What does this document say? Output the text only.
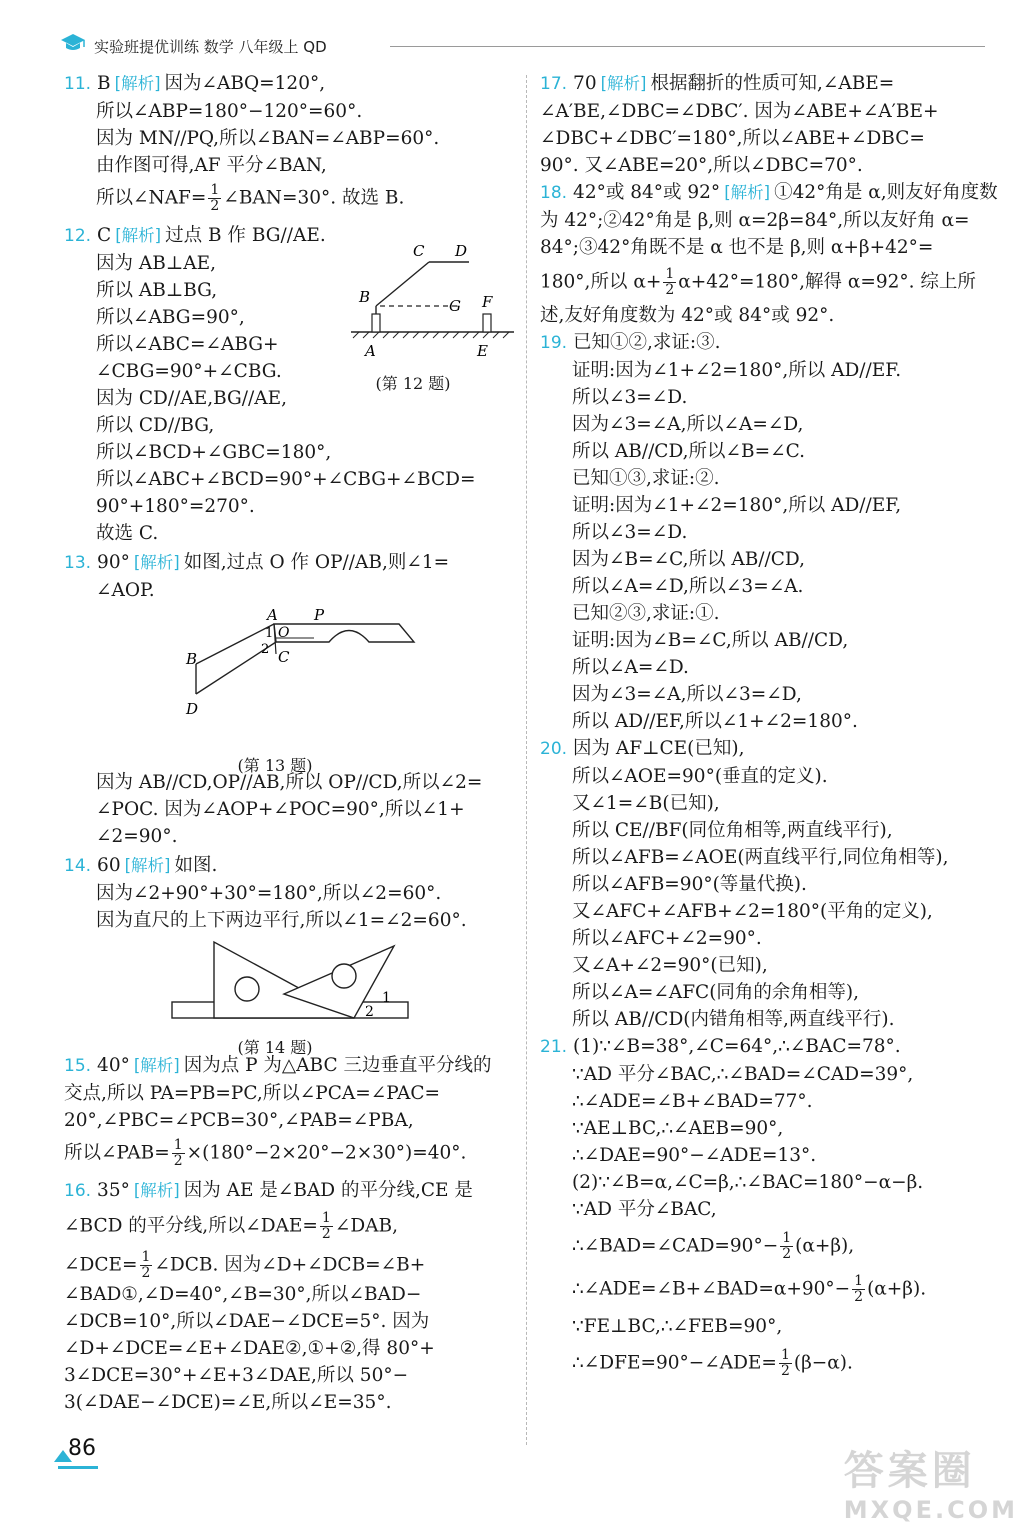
实验班提优训练 数学 八年级上 QD
11. B [解析] 因为∠ABQ=120°,
所以∠ABP=180°−120°=60°.
因为 MN//PQ,所以∠BAN=∠ABP=60°.
由作图可得,AF 平分∠BAN,
所以∠NAF= $\frac{1}{2}$ ∠BAN=30°. 故选 B.
12. C [解析] 过点 B 作 BG//AE.
因为 AB⊥AE,
所以 AB⊥BG,
所以∠ABG=90°,
所以∠ABC=∠ABG+
∠CBG=90°+∠CBG.
因为 CD//AE,BG//AE,
所以 CD//BG,
所以∠BCD+∠GBC=180°,
所以∠ABC+∠BCD=90°+∠CBG+∠BCD=
90°+180°=270°.
故选 C.
C D
B	G F
A	E
(第 12 题)
13. 90° [解析] 如图,过点 O 作 OP//AB,则∠1=
∠AOP.
A P
O
1
2
B	C
D
(第 13 题)
因为 AB//CD,OP//AB,所以 OP//CD,所以∠2=
∠POC. 因为∠AOP+∠POC=90°,所以∠1+
∠2=90°.
14. 60 [解析] 如图.
因为∠2+90°+30°=180°,所以∠2=60°.
因为直尺的上下两边平行,所以∠1=∠2=60°.
1
2
(第 14 题)
15. 40° [解析] 因为点 P 为△ABC 三边垂直平分线的
交点,所以 PA=PB=PC,所以∠PCA=∠PAC=
20°,∠PBC=∠PCB=30°,∠PAB=∠PBA,
所以∠PAB= $\frac{1}{2} \times(180^\circ-2\times 20^\circ-2\times 30^\circ)=40^\circ$.
16. 35° [解析] 因为 AE 是∠BAD 的平分线,CE 是
∠BCD 的平分线,所以∠DAE= $\frac{1}{2}$ ∠DAB,
∠DCE= $\frac{1}{2}$ ∠DCB. 因为∠D+∠DCB=∠B+
∠BAD①,∠D=40°,∠B=30°,所以∠BAD−
∠DCB=10°,所以∠DAE−∠DCE=5°. 因为
∠D+∠DCE=∠E+∠DAE②,①+②,得 80°+
3∠DCE=30°+∠E+3∠DAE,所以 50°−
3(∠DAE−∠DCE)=∠E,所以∠E=35°.
17. 70 [解析] 根据翻折的性质可知,∠ABE=
∠A′BE,∠DBC=∠DBC′. 因为∠ABE+∠A′BE+
∠DBC+∠DBC′=180°,所以∠ABE+∠DBC=
90°. 又∠ABE=20°,所以∠DBC=70°.
18. 42°或 84°或 92° [解析] ①42°角是 α,则友好角度数
为 42°;②42°角是 β,则 α=2β=84°,所以友好角 α=
84°;③42°角既不是 α 也不是 β,则 α+β+42°=
180°,所以 $\alpha+ \frac{1}{2} \alpha+42^\circ=180^\circ$,解得 α=92°. 综上所
述,友好角度数为 42°或 84°或 92°.
19. 已知①②,求证:③.
证明:因为∠1+∠2=180°,所以 AD//EF.
所以∠3=∠D.
因为∠3=∠A,所以∠A=∠D,
所以 AB//CD,所以∠B=∠C.
已知①③,求证:②.
证明:因为∠1+∠2=180°,所以 AD//EF,
所以∠3=∠D.
因为∠B=∠C,所以 AB//CD,
所以∠A=∠D,所以∠3=∠A.
已知②③,求证:①.
证明:因为∠B=∠C,所以 AB//CD,
所以∠A=∠D.
因为∠3=∠A,所以∠3=∠D,
所以 AD//EF,所以∠1+∠2=180°.
20. 因为 AF⊥CE(已知),
所以∠AOE=90°(垂直的定义).
又∠1=∠B(已知),
所以 CE//BF(同位角相等,两直线平行),
所以∠AFB=∠AOE(两直线平行,同位角相等),
所以∠AFB=90°(等量代换).
又∠AFC+∠AFB+∠2=180°(平角的定义),
所以∠AFC+∠2=90°.
又∠A+∠2=90°(已知),
所以∠A=∠AFC(同角的余角相等),
所以 AB//CD(内错角相等,两直线平行).
21. (1)∵∠B=38°,∠C=64°,∴∠BAC=78°.
∵AD 平分∠BAC,∴∠BAD=∠CAD=39°,
∴∠ADE=∠B+∠BAD=77°.
∵AE⊥BC,∴∠AEB=90°,
∴∠DAE=90°−∠ADE=13°.
(2)∵∠B=α,∠C=β,∴∠BAC=180°−α−β.
∵AD 平分∠BAC,
∴∠BAD=∠CAD=90°− $\frac{1}{2} (\alpha+\beta)$,
∴∠ADE=∠B+∠BAD=α+90°− $\frac{1}{2} (\alpha+\beta)$.
∵FE⊥BC,∴∠FEB=90°,
∴∠DFE=90°−∠ADE= $\frac{1}{2} (\beta-\alpha)$.
86	答案圈
MXQE.COM
